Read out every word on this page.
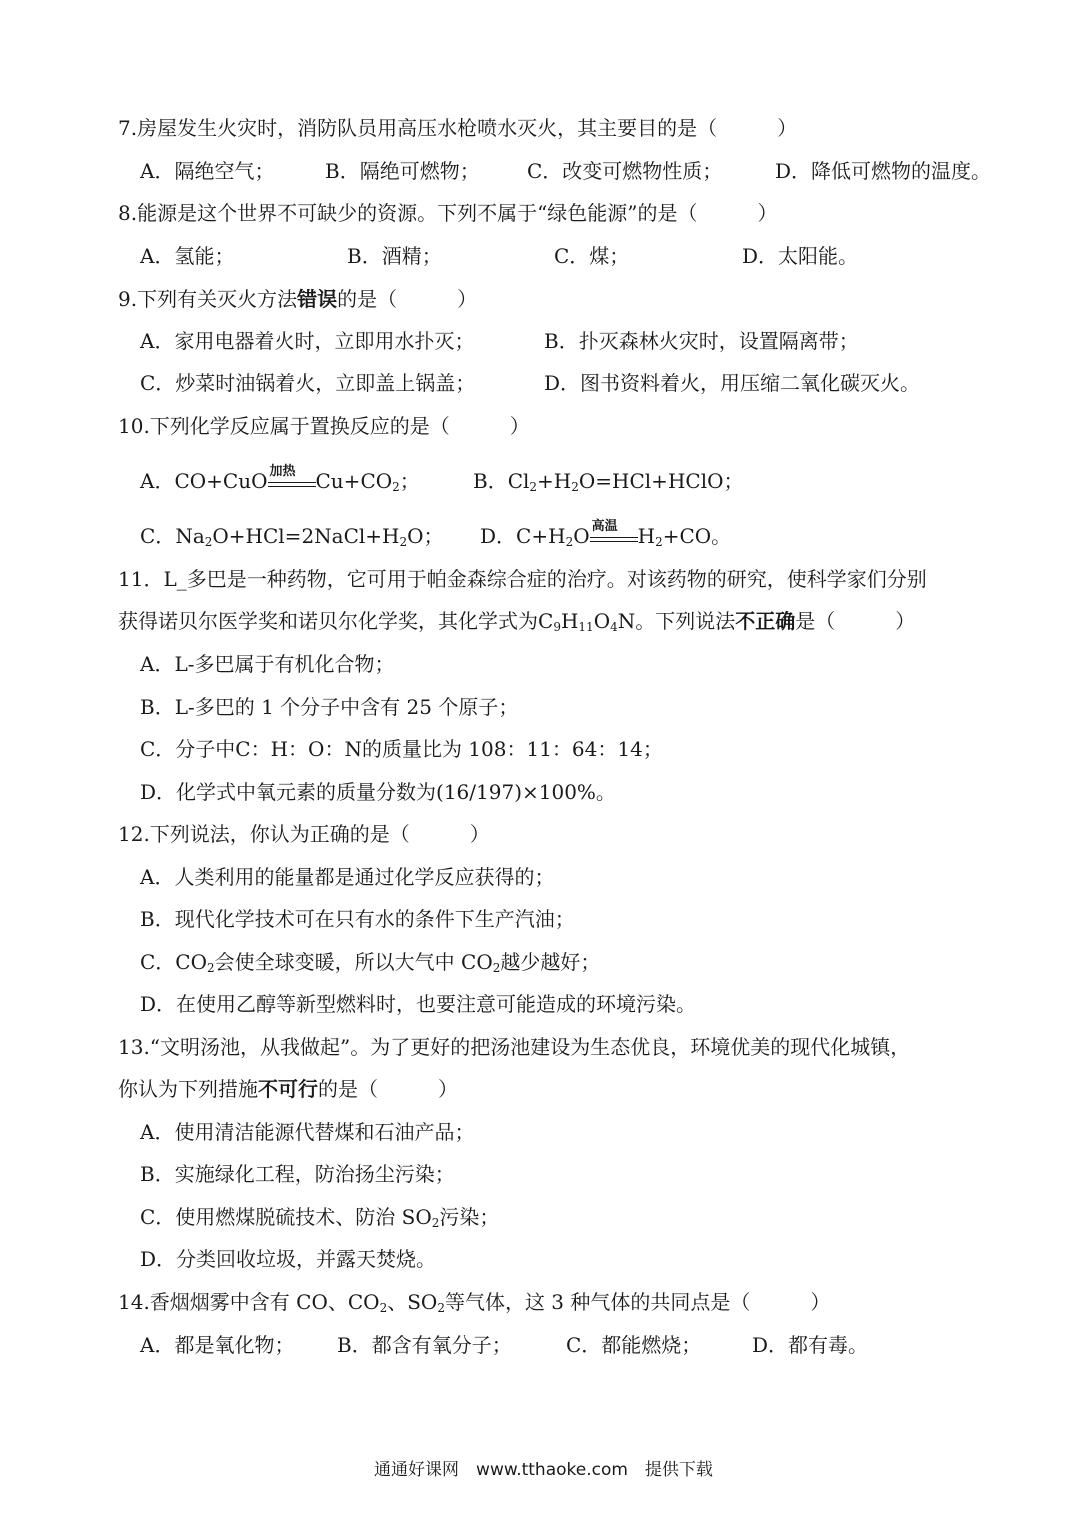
7.房屋发生火灾时，消防队员用高压水枪喷水灭火，其主要目的是（　　　）
A．隔绝空气；	B．隔绝可燃物； C．改变可燃物性质；	D．降低可燃物的温度。
8.能源是这个世界不可缺少的资源。下列不属于“绿色能源”的是（　　　）
A．氢能；	B．酒精；	C．煤；	D．太阳能。
9.下列有关灭火方法错误的是（　　　）
A．家用电器着火时，立即用水扑灭；	B．扑灭森林火灾时，设置隔离带；
C．炒菜时油锅着火，立即盖上锅盖；	D．图书资料着火，用压缩二氧化碳灭火。
10.下列化学反应属于置换反应的是（　　　）
A．CO+CuO 加热 $Cu+CO_2$；	B．$Cl_2+H_2O=HCl+HClO$；
C．$Na_2O+HCl=2NaCl+H_2O$； D．$C+H_2O$ 高温 $H_2+CO$。
11．L_多巴是一种药物，它可用于帕金森综合症的治疗。对该药物的研究，使科学家们分别
获得诺贝尔医学奖和诺贝尔化学奖，其化学式为$C_9H_{11}O_4N$。下列说法不正确是（　　　）
A．L-多巴属于有机化合物；
B．L-多巴的 1 个分子中含有 25 个原子；
C．分子中C：H：O：N的质量比为 108：11：64：14；
D．化学式中氧元素的质量分数为(16/197)×100%。
12.下列说法，你认为正确的是（　　　）
A．人类利用的能量都是通过化学反应获得的；
B．现代化学技术可在只有水的条件下生产汽油；
C．$CO_2$会使全球变暖，所以大气中 $CO_2$越少越好；
D．在使用乙醇等新型燃料时，也要注意可能造成的环境污染。
13.“文明汤池，从我做起”。为了更好的把汤池建设为生态优良，环境优美的现代化城镇，
你认为下列措施不可行的是（　　　）
A．使用清洁能源代替煤和石油产品；
B．实施绿化工程，防治扬尘污染；
C．使用燃煤脱硫技术、防治 $SO_2$污染；
D．分类回收垃圾，并露天焚烧。
14.香烟烟雾中含有 CO、$CO_2$、$SO_2$等气体，这 3 种气体的共同点是（　　　）
A．都是氧化物； B．都含有氧分子；	C．都能燃烧；	D．都有毒。
通通好课网　www.tthaoke.com　提供下载
